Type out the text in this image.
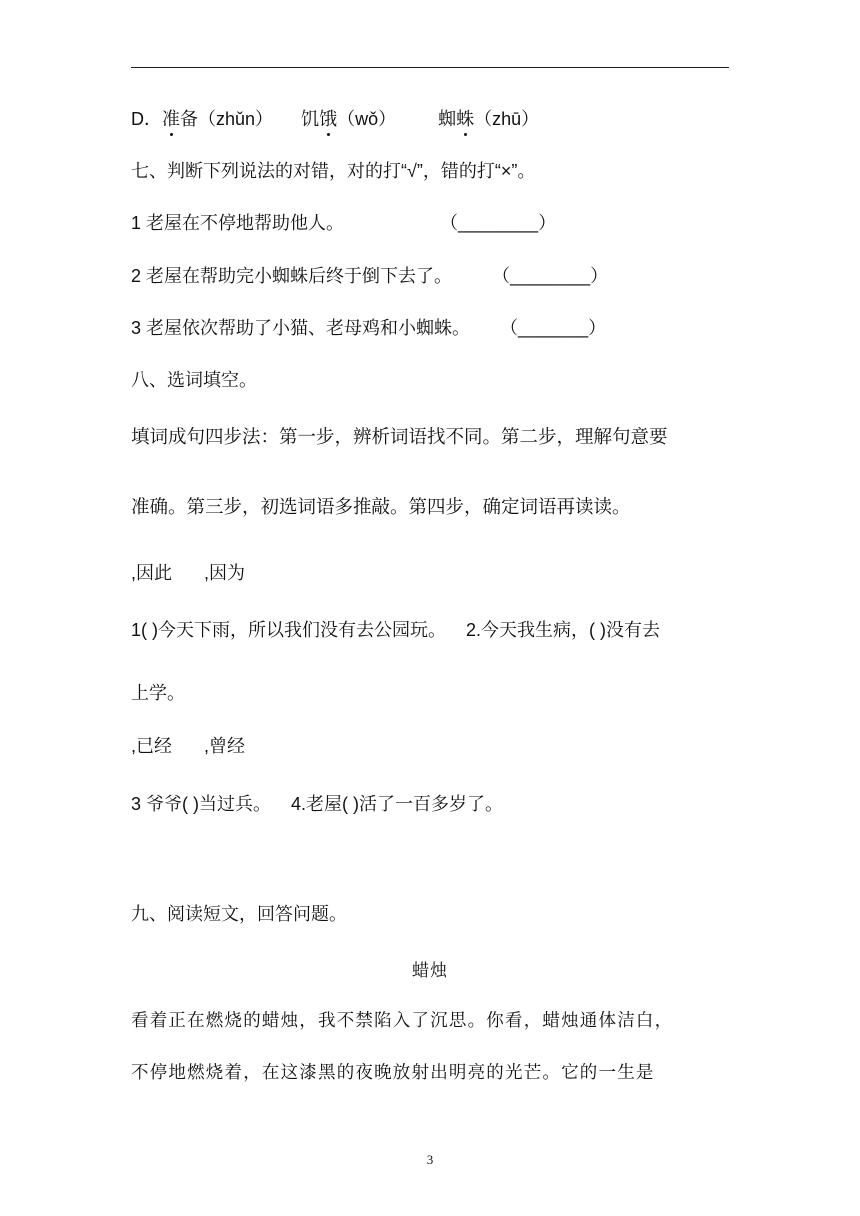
D．准备（zhǔn） 饥饿（wǒ） 蜘蛛（zhū）
七、判断下列说法的对错，对的打“√”，错的打“×”。
1 老屋在不停地帮助他人。	（________）
2 老屋在帮助完小蜘蛛后终于倒下去了。 （________）
3 老屋依次帮助了小猫、老母鸡和小蜘蛛。 （_______）
八、选词填空。
填词成句四步法：第一步，辨析词语找不同。第二步，理解句意要
准确。第三步，初选词语多推敲。第四步，确定词语再读读。
,因此 ,因为
1( )今天下雨，所以我们没有去公园玩。 2.今天我生病，( )没有去
上学。
,已经 ,曾经
3 爷爷( )当过兵。 4.老屋( )活了一百多岁了。
九、阅读短文，回答问题。
蜡烛
看着正在燃烧的蜡烛，我不禁陷入了沉思。你看，蜡烛通体洁白，
不停地燃烧着，在这漆黑的夜晚放射出明亮的光芒。它的一生是
3
